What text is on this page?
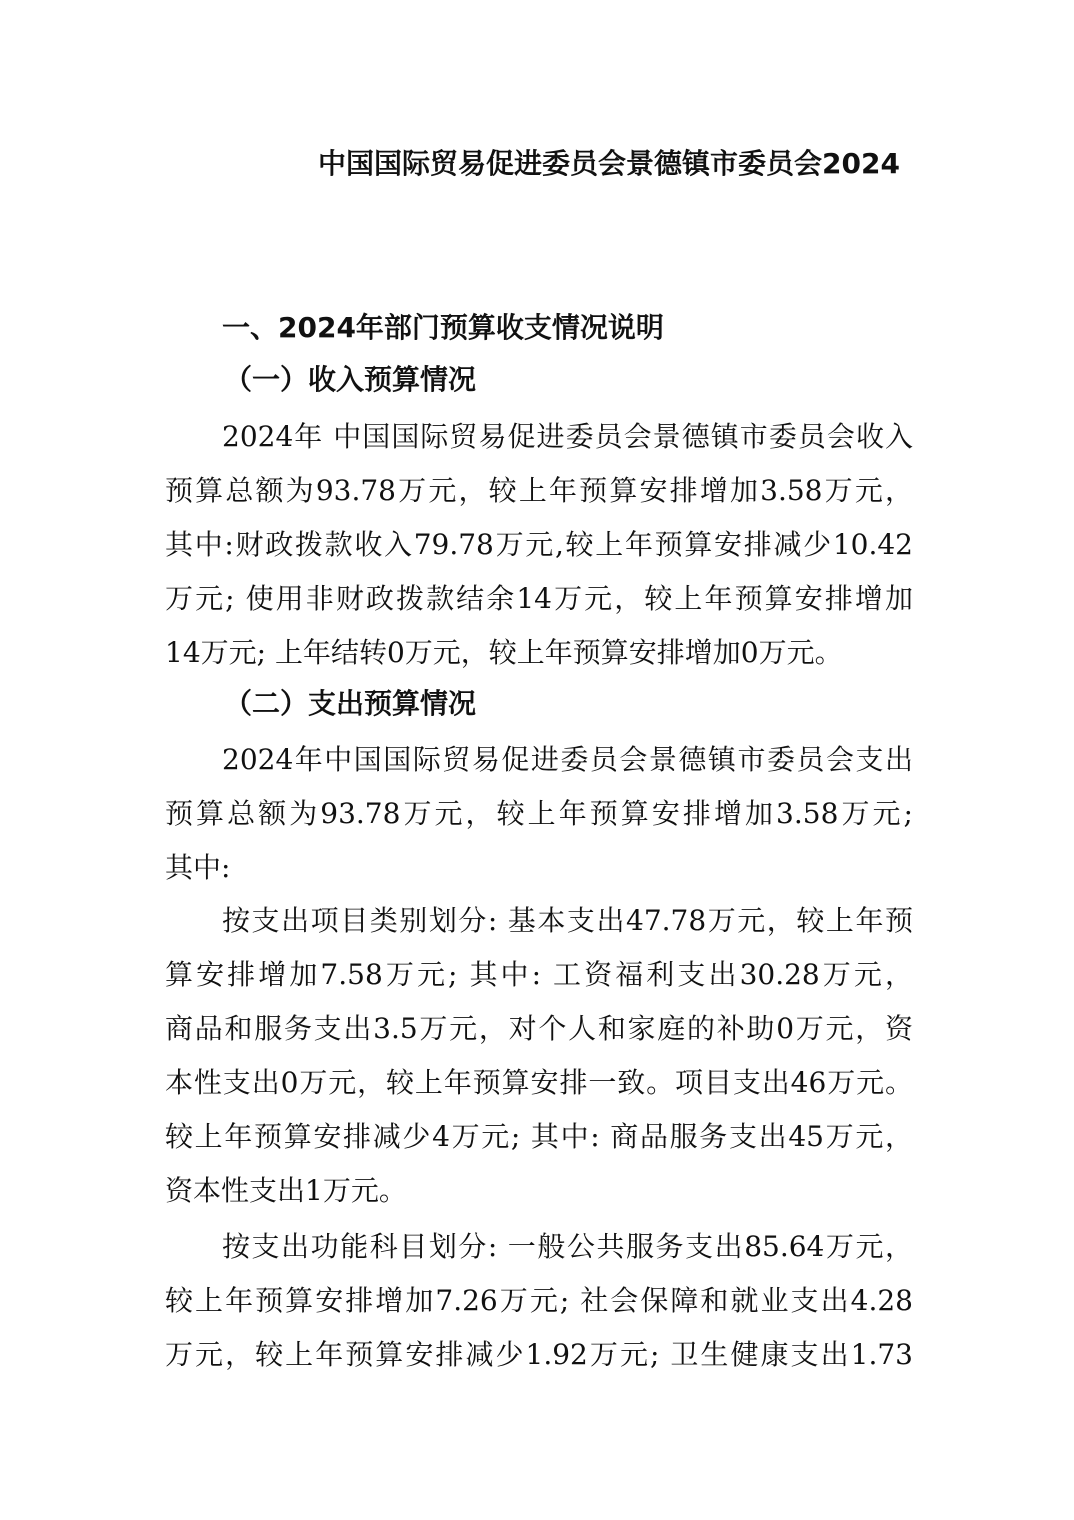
中国国际贸易促进委员会景德镇市委员会2024
一、2024年部门预算收支情况说明
（一）收入预算情况
2024年 中国国际贸易促进委员会景德镇市委员会收入
预算总额为93.78万元，较上年预算安排增加3.58万元，
其中:财政拨款收入79.78万元,较上年预算安排减少10.42
万元; 使用非财政拨款结余14万元，较上年预算安排增加
14万元; 上年结转0万元，较上年预算安排增加0万元。
（二）支出预算情况
2024年中国国际贸易促进委员会景德镇市委员会支出
预算总额为93.78万元，较上年预算安排增加3.58万元;
其中:
按支出项目类别划分: 基本支出47.78万元，较上年预
算安排增加7.58万元; 其中: 工资福利支出30.28万元，
商品和服务支出3.5万元，对个人和家庭的补助0万元，资
本性支出0万元，较上年预算安排一致。项目支出46万元。
较上年预算安排减少4万元; 其中: 商品服务支出45万元，
资本性支出1万元。
按支出功能科目划分: 一般公共服务支出85.64万元，
较上年预算安排增加7.26万元; 社会保障和就业支出4.28
万元，较上年预算安排减少1.92万元; 卫生健康支出1.73
